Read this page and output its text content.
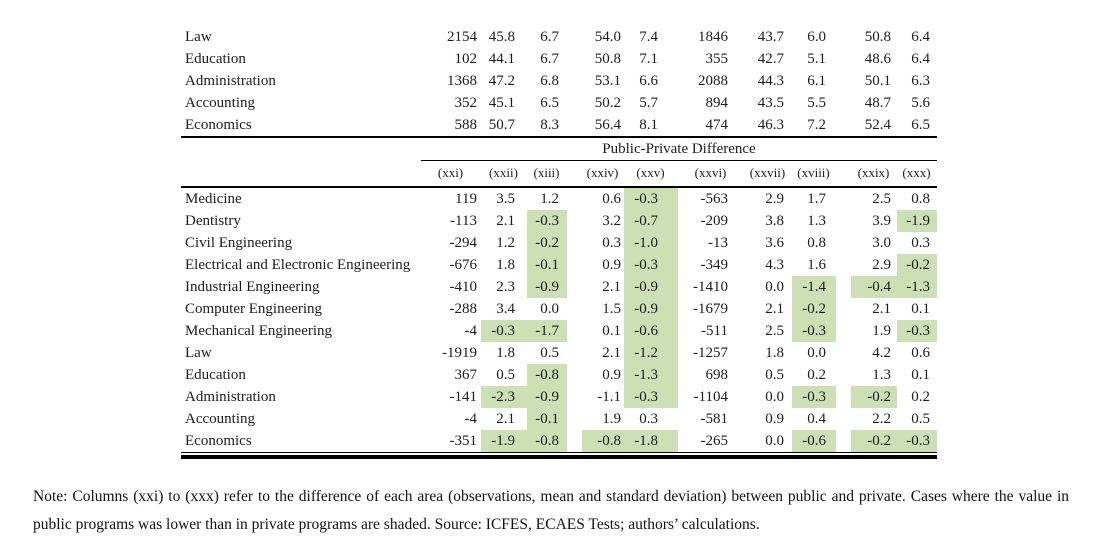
Law	2154	45.8	6.7		54.0	7.4	1846	43.7	6.0		50.8	6.4
Education	102	44.1	6.7		50.8	7.1	355	42.7	5.1		48.6	6.4
Administration	1368	47.2	6.8		53.1	6.6	2088	44.3	6.1		50.1	6.3
Accounting	352	45.1	6.5		50.2	5.7	894	43.5	5.5		48.7	5.6
Economics	588	50.7	8.3		56.4	8.1	474	46.3	7.2		52.4	6.5
	Public-Private Difference											
	(xxi)	(xxii)	(xiii)		(xxiv)	(xxv)	(xxvi)	(xxvii)	(xviii)		(xxix)	(xxx)
Medicine	119	3.5	1.2		0.6	-0.3	-563	2.9	1.7		2.5	0.8
Dentistry	-113	2.1	-0.3		3.2	-0.7	-209	3.8	1.3		3.9	-1.9
Civil Engineering	-294	1.2	-0.2		0.3	-1.0	-13	3.6	0.8		3.0	0.3
Electrical and Electronic Engineering	-676	1.8	-0.1		0.9	-0.3	-349	4.3	1.6		2.9	-0.2
Industrial Engineering	-410	2.3	-0.9		2.1	-0.9	-1410	0.0	-1.4		-0.4	-1.3
Computer Engineering	-288	3.4	0.0		1.5	-0.9	-1679	2.1	-0.2		2.1	0.1
Mechanical Engineering	-4	-0.3	-1.7		0.1	-0.6	-511	2.5	-0.3		1.9	-0.3
Law	-1919	1.8	0.5		2.1	-1.2	-1257	1.8	0.0		4.2	0.6
Education	367	0.5	-0.8		0.9	-1.3	698	0.5	0.2		1.3	0.1
Administration	-141	-2.3	-0.9		-1.1	-0.3	-1104	0.0	-0.3		-0.2	0.2
Accounting	-4	2.1	-0.1		1.9	0.3	-581	0.9	0.4		2.2	0.5
Economics	-351	-1.9	-0.8		-0.8	-1.8	-265	0.0	-0.6		-0.2	-0.3

Note: Columns (xxi) to (xxx) refer to the difference of each area (observations, mean and standard deviation) between public and private. Cases where the value in public programs was lower than in private programs are shaded. Source: ICFES, ECAES Tests; authors’ calculations.
